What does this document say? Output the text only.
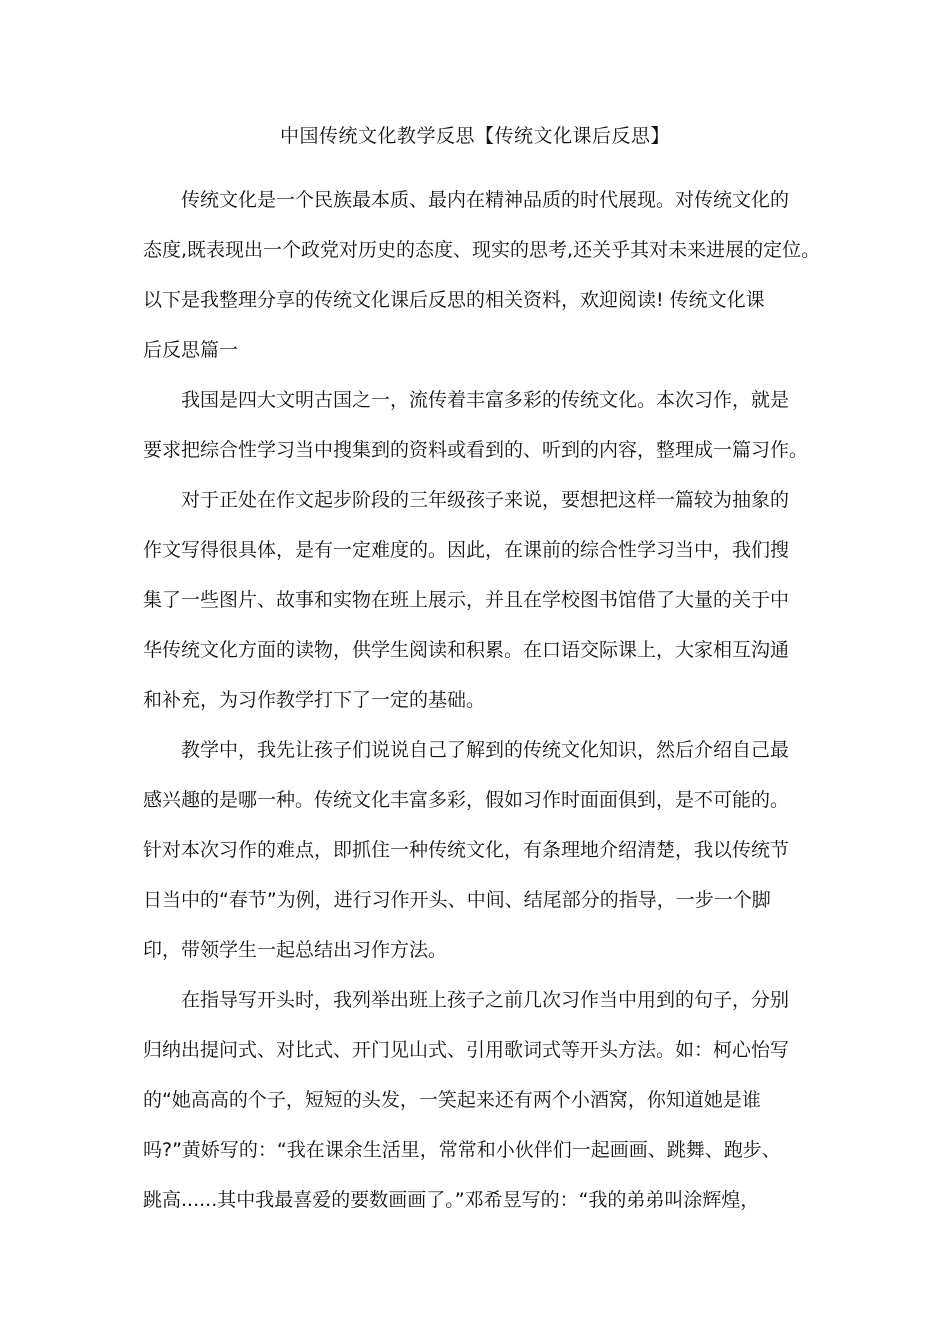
中国传统文化教学反思【传统文化课后反思】
传统文化是一个民族最本质、最内在精神品质的时代展现。对传统文化的
态度,既表现出一个政党对历史的态度、现实的思考,还关乎其对未来进展的定位。
以下是我整理分享的传统文化课后反思的相关资料，欢迎阅读! 传统文化课
后反思篇一
我国是四大文明古国之一，流传着丰富多彩的传统文化。本次习作，就是
要求把综合性学习当中搜集到的资料或看到的、听到的内容，整理成一篇习作。
对于正处在作文起步阶段的三年级孩子来说，要想把这样一篇较为抽象的
作文写得很具体，是有一定难度的。因此，在课前的综合性学习当中，我们搜
集了一些图片、故事和实物在班上展示，并且在学校图书馆借了大量的关于中
华传统文化方面的读物，供学生阅读和积累。在口语交际课上，大家相互沟通
和补充，为习作教学打下了一定的基础。
教学中，我先让孩子们说说自己了解到的传统文化知识，然后介绍自己最
感兴趣的是哪一种。传统文化丰富多彩，假如习作时面面俱到，是不可能的。
针对本次习作的难点，即抓住一种传统文化，有条理地介绍清楚，我以传统节
日当中的“春节”为例，进行习作开头、中间、结尾部分的指导，一步一个脚
印，带领学生一起总结出习作方法。
在指导写开头时，我列举出班上孩子之前几次习作当中用到的句子，分别
归纳出提问式、对比式、开门见山式、引用歌词式等开头方法。如：柯心怡写
的“她高高的个子，短短的头发，一笑起来还有两个小酒窝，你知道她是谁
吗?”黄娇写的：“我在课余生活里，常常和小伙伴们一起画画、跳舞、跑步、
跳高......其中我最喜爱的要数画画了。”邓希昱写的：“我的弟弟叫涂辉煌，
